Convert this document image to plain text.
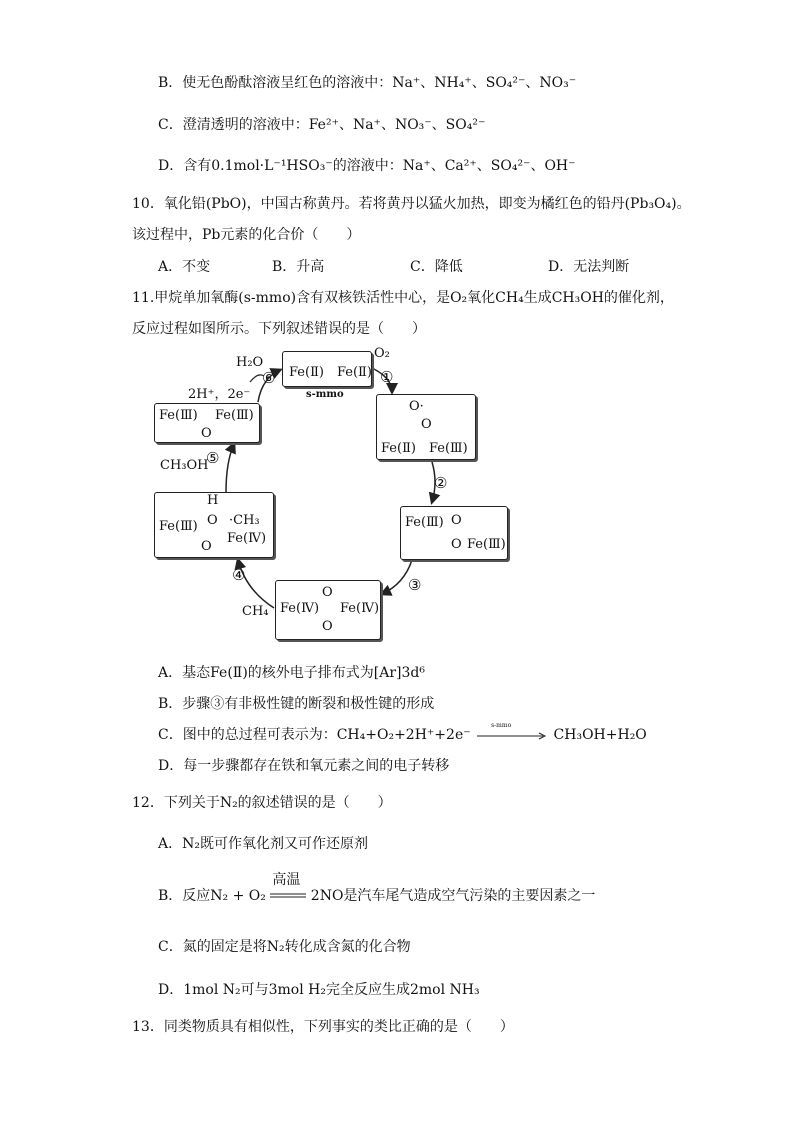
B．使无色酚酞溶液呈红色的溶液中：Na⁺、NH₄⁺、SO₄²⁻、NO₃⁻
C．澄清透明的溶液中：Fe²⁺、Na⁺、NO₃⁻、SO₄²⁻
D．含有0.1mol·L⁻¹HSO₃⁻的溶液中：Na⁺、Ca²⁺、SO₄²⁻、OH⁻
10．氧化铅(PbO)，中国古称黄丹。若将黄丹以猛火加热，即变为橘红色的铅丹(Pb₃O₄)。
该过程中，Pb元素的化合价（　　）
A．不变	B．升高	C．降低	D．无法判断
11.甲烷单加氧酶(s-mmo)含有双核铁活性中心，是O₂氧化CH₄生成CH₃OH的催化剂，
反应过程如图所示。下列叙述错误的是（　　）
Fe(Ⅱ)　Fe(Ⅱ)
s-mmo
O₂
①
O·
O
Fe(Ⅱ)　Fe(Ⅲ)
②
Fe(Ⅲ) O
O Fe(Ⅲ)
③
O
Fe(Ⅳ) Fe(Ⅳ)
O
④
CH₄
H
O ·CH₃
Fe(Ⅲ)
Fe(Ⅳ)
O
⑤
CH₃OH
Fe(Ⅲ) Fe(Ⅲ)
O
⑥
H₂O
2H⁺，2e⁻
A．基态Fe(Ⅱ)的核外电子排布式为[Ar]3d⁶
B．步骤③有非极性键的断裂和极性键的形成
C．图中的总过程可表示为：CH₄+O₂+2H⁺+2e⁻
s-mmo
CH₃OH+H₂O
D．每一步骤都存在铁和氧元素之间的电子转移
12．下列关于N₂的叙述错误的是（　　）
A．N₂既可作氧化剂又可作还原剂
B．反应N₂ + O₂
高温
2NO是汽车尾气造成空气污染的主要因素之一
C．氮的固定是将N₂转化成含氮的化合物
D．1mol N₂可与3mol H₂完全反应生成2mol NH₃
13．同类物质具有相似性，下列事实的类比正确的是（　　）
